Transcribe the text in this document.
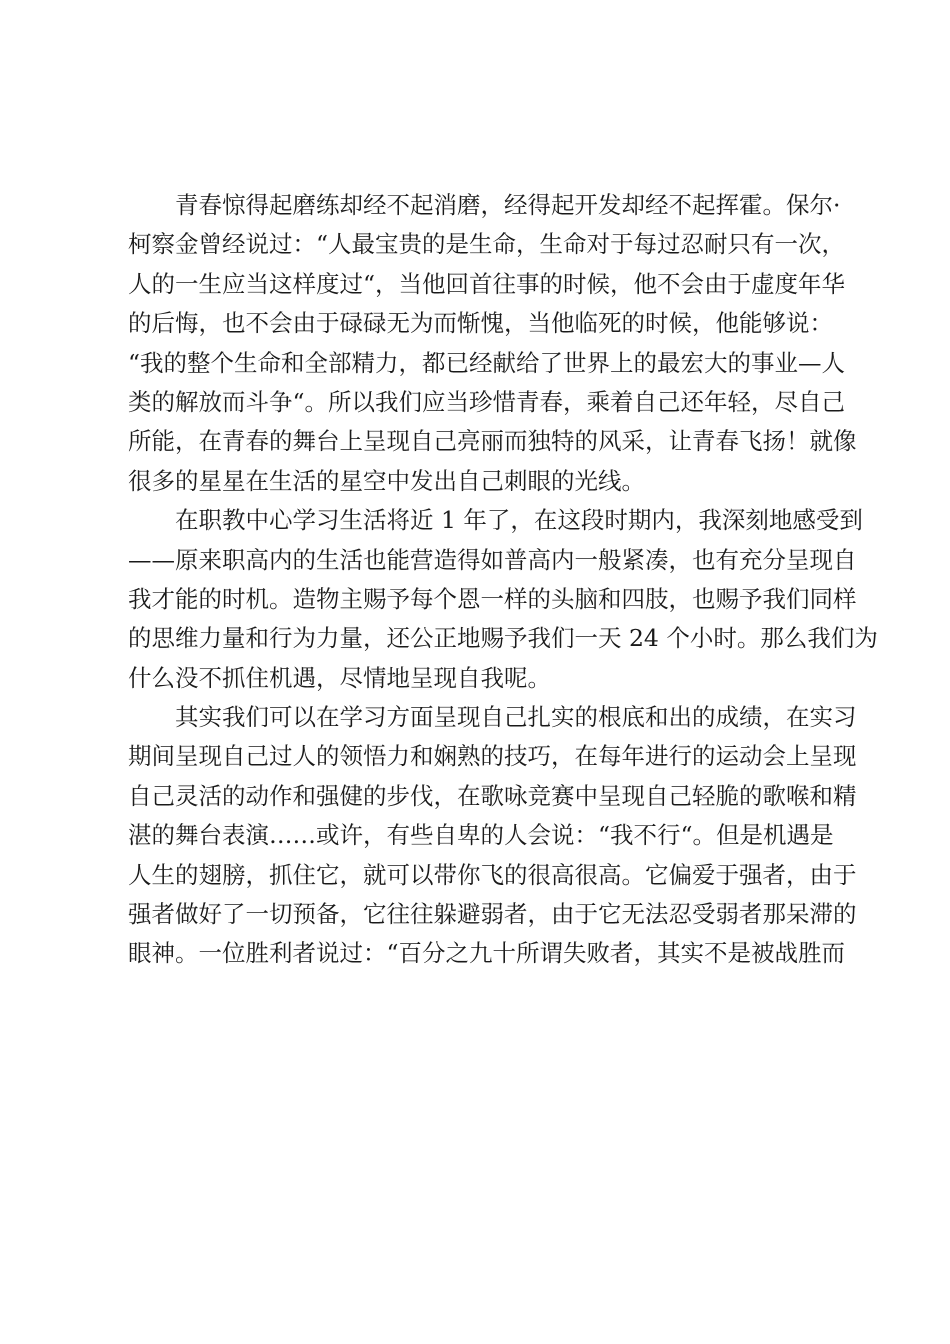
青春惊得起磨练却经不起消磨，经得起开发却经不起挥霍。保尔·
柯察金曾经说过：“人最宝贵的是生命，生命对于每过忍耐只有一次，
人的一生应当这样度过“，当他回首往事的时候，他不会由于虚度年华
的后悔，也不会由于碌碌无为而惭愧，当他临死的时候，他能够说：
“我的整个生命和全部精力，都已经献给了世界上的最宏大的事业—人
类的解放而斗争“。所以我们应当珍惜青春，乘着自己还年轻，尽自己
所能，在青春的舞台上呈现自己亮丽而独特的风采，让青春飞扬！就像
很多的星星在生活的星空中发出自己刺眼的光线。
在职教中心学习生活将近 1 年了，在这段时期内，我深刻地感受到
——原来职高内的生活也能营造得如普高内一般紧凑，也有充分呈现自
我才能的时机。造物主赐予每个恩一样的头脑和四肢，也赐予我们同样
的思维力量和行为力量，还公正地赐予我们一天 24 个小时。那么我们为
什么没不抓住机遇，尽情地呈现自我呢。
其实我们可以在学习方面呈现自己扎实的根底和出的成绩，在实习
期间呈现自己过人的领悟力和娴熟的技巧，在每年进行的运动会上呈现
自己灵活的动作和强健的步伐，在歌咏竞赛中呈现自己轻脆的歌喉和精
湛的舞台表演……或许，有些自卑的人会说：“我不行“。但是机遇是
人生的翅膀，抓住它，就可以带你飞的很高很高。它偏爱于强者，由于
强者做好了一切预备，它往往躲避弱者，由于它无法忍受弱者那呆滞的
眼神。一位胜利者说过：“百分之九十所谓失败者，其实不是被战胜而
